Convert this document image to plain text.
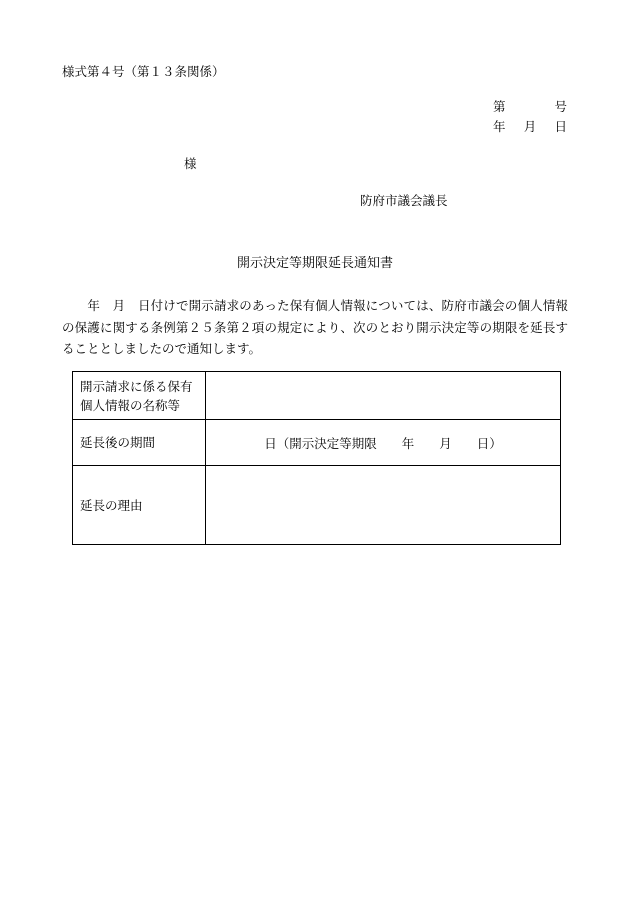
様式第４号（第１３条関係）
第	号
年 月 日
様
防府市議会議長
開示決定等期限延長通知書

　　年　月　日付けで開示請求のあった保有個人情報については、防府市議会の個人情報の保護に関する条例第２５条第２項の規定により、次のとおり開示決定等の期限を延長することとしましたので通知します。

開示請求に係る保有
個人情報の名称等	

延長後の期間	日（開示決定等期限　　年　　月　　日）
延長の理由	
